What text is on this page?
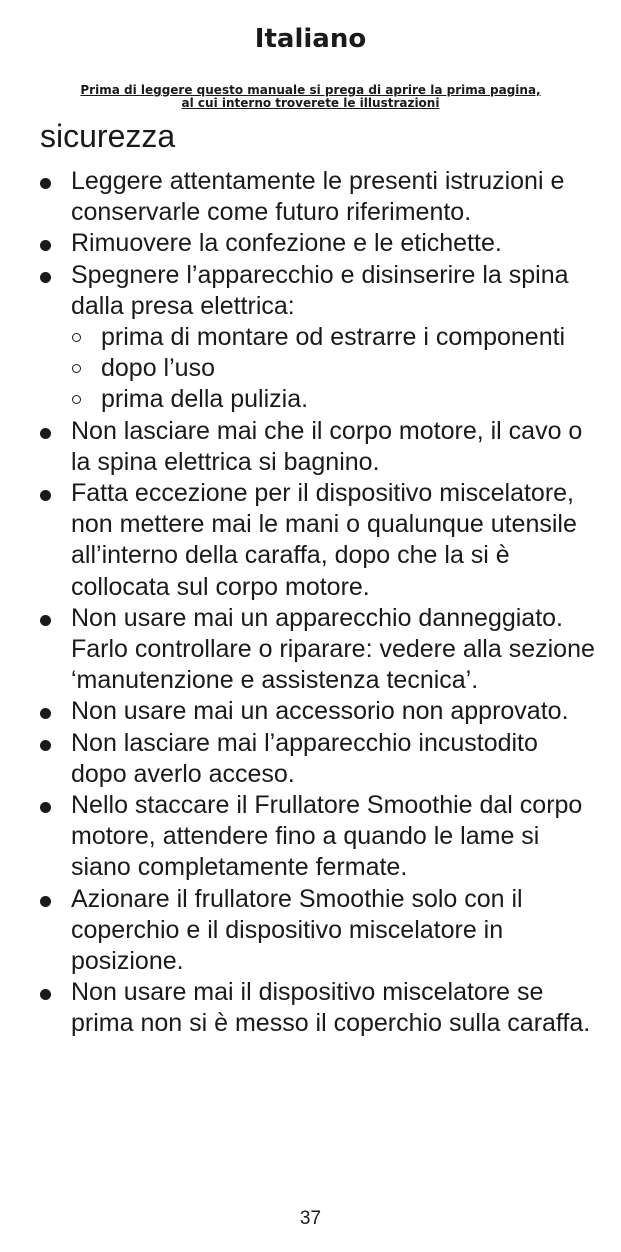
Italiano
Prima di leggere questo manuale si prega di aprire la prima pagina,
al cui interno troverete le illustrazioni
sicurezza
Leggere attentamente le presenti istruzioni e conservarle come futuro riferimento.
Rimuovere la confezione e le etichette.
Spegnere l’apparecchio e disinserire la spina dalla presa elettrica:
prima di montare od estrarre i componenti
dopo l’uso
prima della pulizia.
Non lasciare mai che il corpo motore, il cavo o la spina elettrica si bagnino.
Fatta eccezione per il dispositivo miscelatore, non mettere mai le mani o qualunque utensile all’interno della caraffa, dopo che la si è collocata sul corpo motore.
Non usare mai un apparecchio danneggiato. Farlo controllare o riparare: vedere alla sezione ‘manutenzione e assistenza tecnica’.
Non usare mai un accessorio non approvato.
Non lasciare mai l’apparecchio incustodito dopo averlo acceso.
Nello staccare il Frullatore Smoothie dal corpo motore, attendere fino a quando le lame si siano completamente fermate.
Azionare il frullatore Smoothie solo con il coperchio e il dispositivo miscelatore in posizione.
Non usare mai il dispositivo miscelatore se prima non si è messo il coperchio sulla caraffa.
37
